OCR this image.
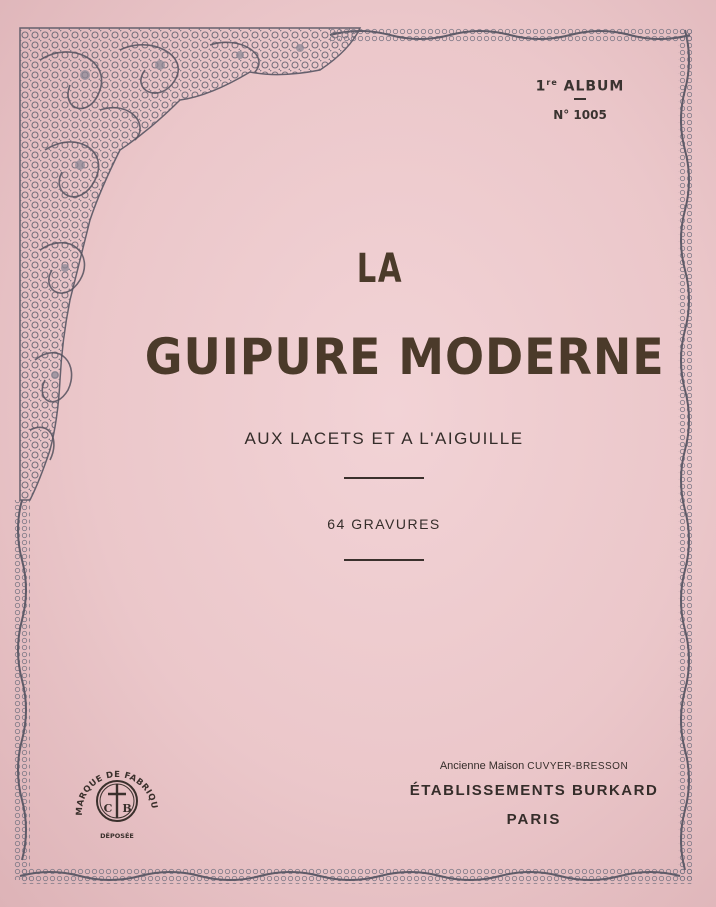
1re ALBUM
N° 1005
LA
GUIPURE MODERNE
AUX LACETS ET A L'AIGUILLE
64 GRAVURES
MARQUE DE FABRIQU
C B
DÉPOSÉE
Ancienne Maison CUVYER-BRESSON
ÉTABLISSEMENTS BURKARD
PARIS
